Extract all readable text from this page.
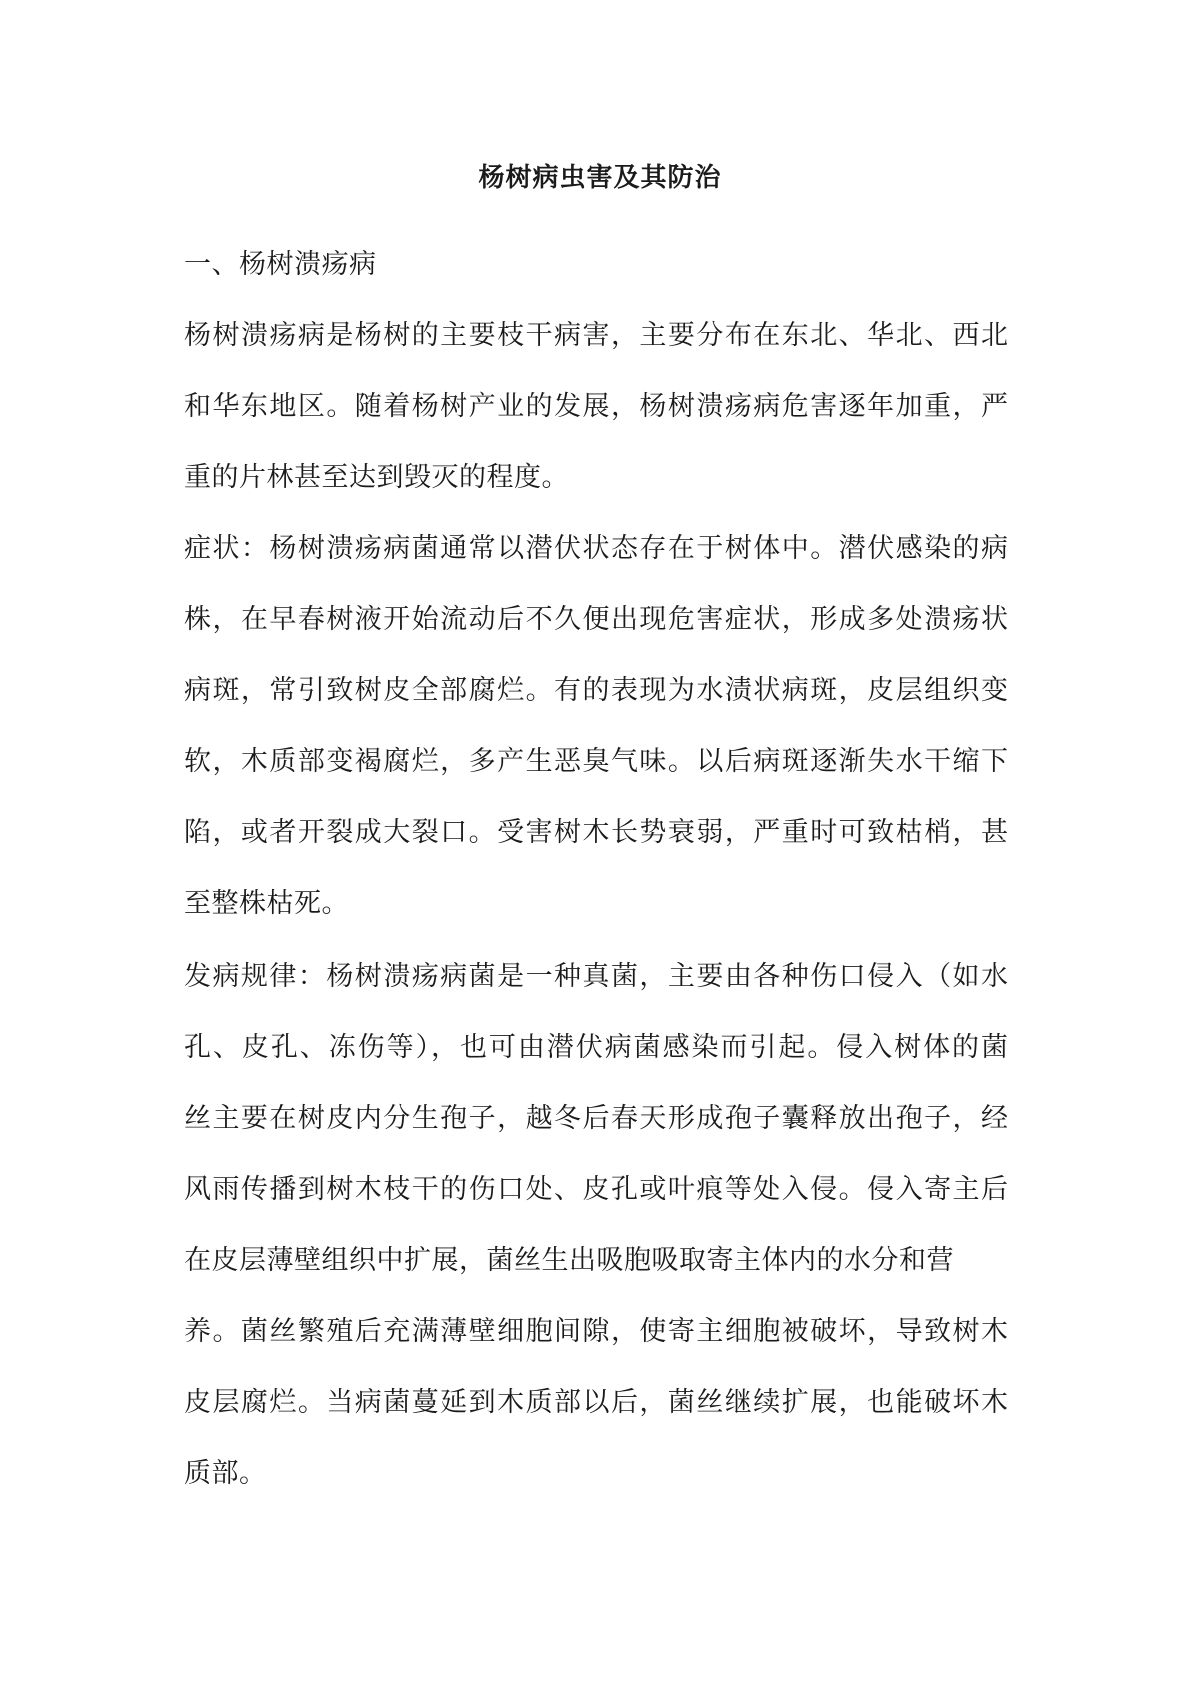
杨树病虫害及其防治
一、杨树溃疡病
杨树溃疡病是杨树的主要枝干病害，主要分布在东北、华北、西北
和华东地区。随着杨树产业的发展，杨树溃疡病危害逐年加重，严
重的片林甚至达到毁灭的程度。
症状：杨树溃疡病菌通常以潜伏状态存在于树体中。潜伏感染的病
株，在早春树液开始流动后不久便出现危害症状，形成多处溃疡状
病斑，常引致树皮全部腐烂。有的表现为水渍状病斑，皮层组织变
软，木质部变褐腐烂，多产生恶臭气味。以后病斑逐渐失水干缩下
陷，或者开裂成大裂口。受害树木长势衰弱，严重时可致枯梢，甚
至整株枯死。
发病规律：杨树溃疡病菌是一种真菌，主要由各种伤口侵入（如水
孔、皮孔、冻伤等），也可由潜伏病菌感染而引起。侵入树体的菌
丝主要在树皮内分生孢子，越冬后春天形成孢子囊释放出孢子，经
风雨传播到树木枝干的伤口处、皮孔或叶痕等处入侵。侵入寄主后
在皮层薄壁组织中扩展，菌丝生出吸胞吸取寄主体内的水分和营
养。菌丝繁殖后充满薄壁细胞间隙，使寄主细胞被破坏，导致树木
皮层腐烂。当病菌蔓延到木质部以后，菌丝继续扩展，也能破坏木
质部。
